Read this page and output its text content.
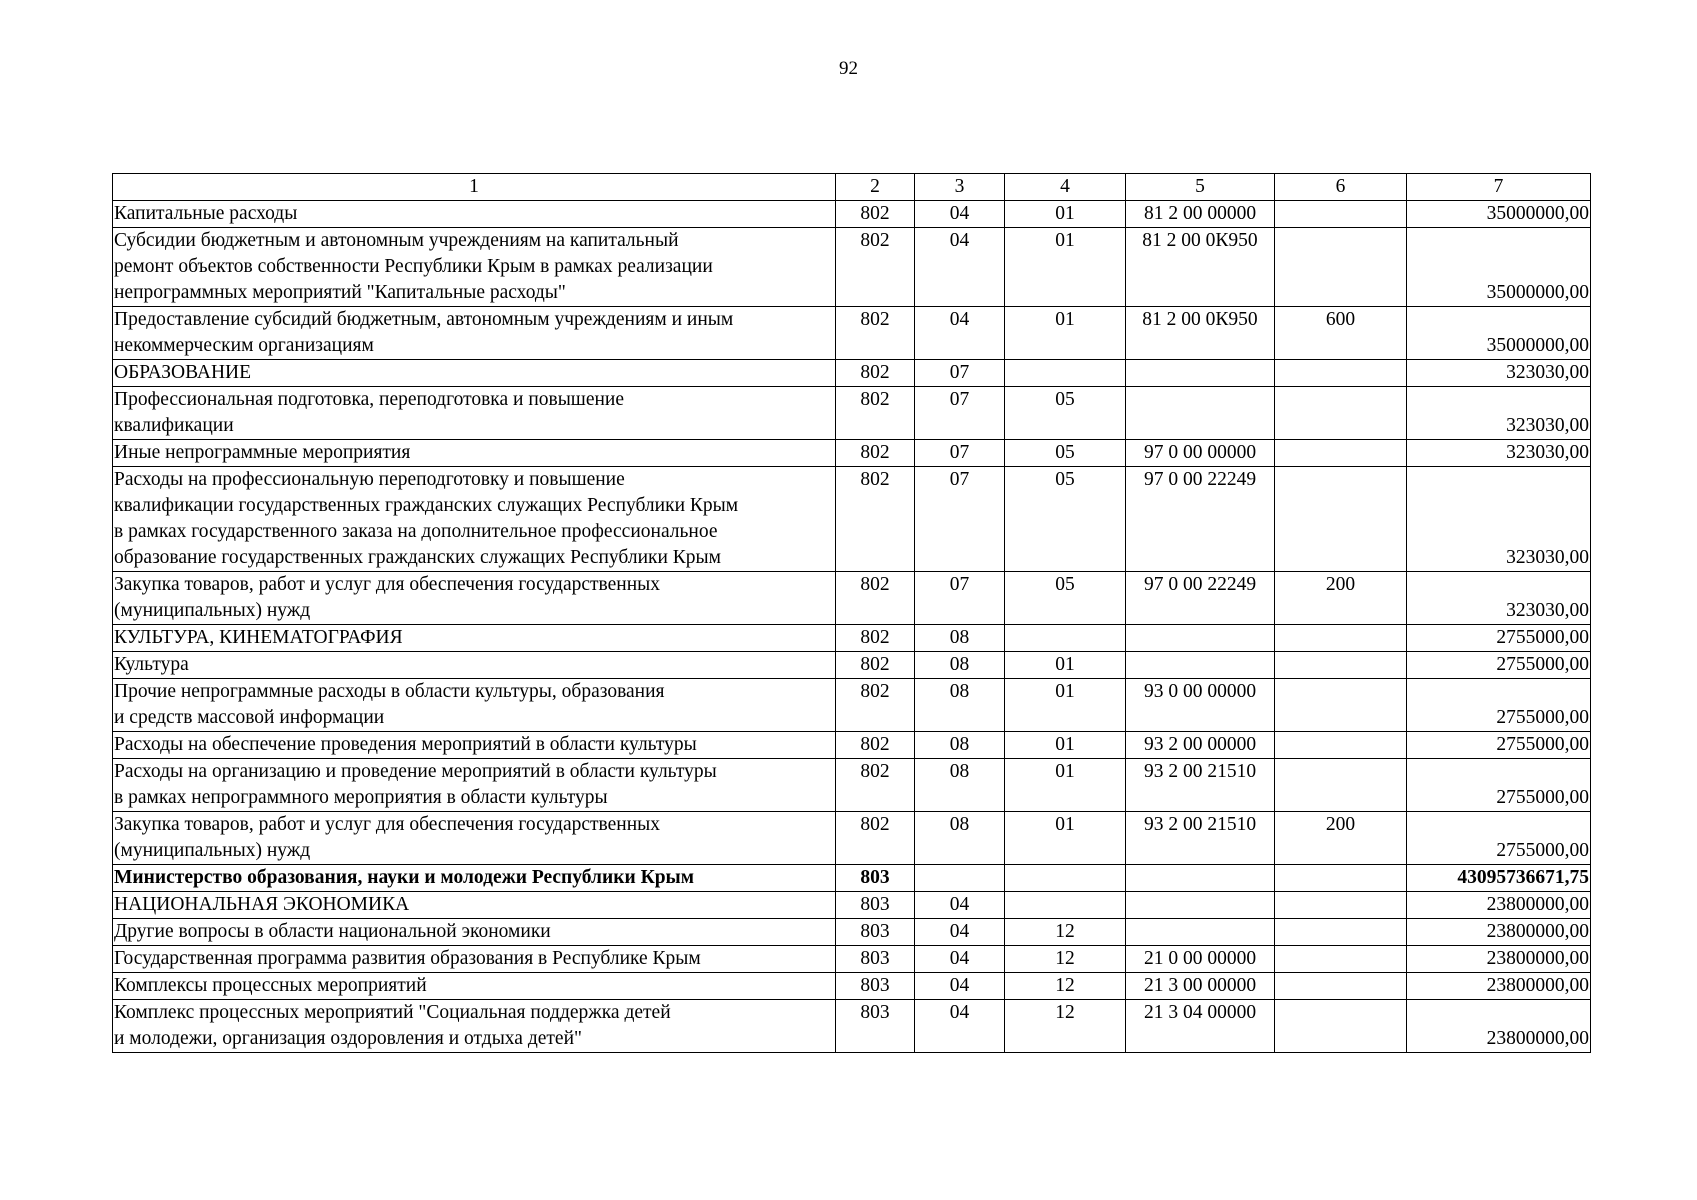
92
1	2	3	4	5	6	7

Капитальные расходы	802	04	01	81 2 00 00000		35000000,00

Субсидии бюджетным и автономным учреждениям на капитальный
ремонт объектов собственности Республики Крым в рамках реализации
непрограммных мероприятий "Капитальные расходы"	802	04	01	81 2 00 0К950		35000000,00

Предоставление субсидий бюджетным, автономным учреждениям и иным
некоммерческим организациям	802	04	01	81 2 00 0К950	600	35000000,00

ОБРАЗОВАНИЕ	802	07				323030,00

Профессиональная подготовка, переподготовка и повышение
квалификации	802	07	05			323030,00

Иные непрограммные мероприятия	802	07	05	97 0 00 00000		323030,00

Расходы на профессиональную переподготовку и повышение
квалификации государственных гражданских служащих Республики Крым
в рамках государственного заказа на дополнительное профессиональное
образование государственных гражданских служащих Республики Крым	802	07	05	97 0 00 22249		323030,00

Закупка товаров, работ и услуг для обеспечения государственных
(муниципальных) нужд	802	07	05	97 0 00 22249	200	323030,00

КУЛЬТУРА, КИНЕМАТОГРАФИЯ	802	08				2755000,00

Культура	802	08	01			2755000,00

Прочие непрограммные расходы в области культуры, образования
и средств массовой информации	802	08	01	93 0 00 00000		2755000,00

Расходы на обеспечение проведения мероприятий в области культуры	802	08	01	93 2 00 00000		2755000,00

Расходы на организацию и проведение мероприятий в области культуры
в рамках непрограммного мероприятия в области культуры	802	08	01	93 2 00 21510		2755000,00

Закупка товаров, работ и услуг для обеспечения государственных
(муниципальных) нужд	802	08	01	93 2 00 21510	200	2755000,00

Министерство образования, науки и молодежи Республики Крым	803					43095736671,75

НАЦИОНАЛЬНАЯ ЭКОНОМИКА	803	04				23800000,00

Другие вопросы в области национальной экономики	803	04	12			23800000,00

Государственная программа развития образования в Республике Крым	803	04	12	21 0 00 00000		23800000,00

Комплексы процессных мероприятий	803	04	12	21 3 00 00000		23800000,00

Комплекс процессных мероприятий "Социальная поддержка детей
и молодежи, организация оздоровления и отдыха детей"	803	04	12	21 3 04 00000		23800000,00
